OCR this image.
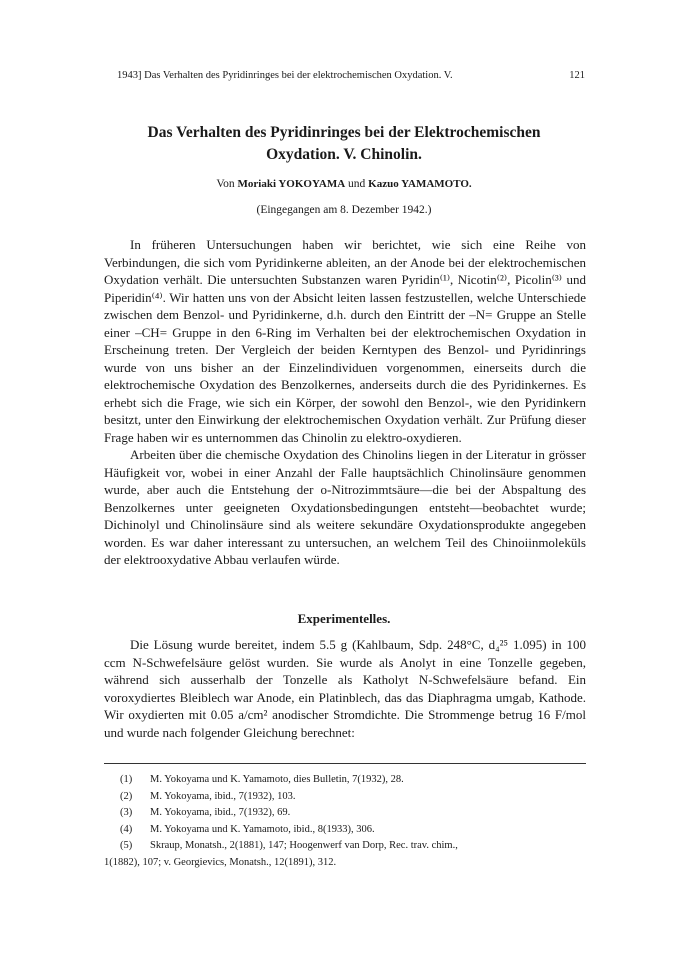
1943] Das Verhalten des Pyridinringes bei der elektrochemischen Oxydation. V.	121
Das Verhalten des Pyridinringes bei der Elektrochemischen
Oxydation. V. Chinolin.
Von Moriaki YOKOYAMA und Kazuo YAMAMOTO.
(Eingegangen am 8. Dezember 1942.)

In früheren Untersuchungen haben wir berichtet, wie sich eine Reihe von Verbindungen, die sich vom Pyridinkerne ableiten, an der Anode bei der elektrochemischen Oxydation verhält. Die untersuchten Substanzen waren Pyridin⁽¹⁾, Nicotin⁽²⁾, Picolin⁽³⁾ und Piperidin⁽⁴⁾. Wir hatten uns von der Absicht leiten lassen festzustellen, welche Unterschiede zwischen dem Benzol- und Pyridinkerne, d.h. durch den Eintritt der –N= Gruppe an Stelle einer –CH= Gruppe in den 6-Ring im Verhalten bei der elektrochemischen Oxydation in Erscheinung treten. Der Vergleich der beiden Kerntypen des Benzol- und Pyridinrings wurde von uns bisher an der Einzelindividuen vorgenommen, einerseits durch die elektrochemische Oxydation des Benzolkernes, anderseits durch die des Pyridinkernes. Es erhebt sich die Frage, wie sich ein Körper, der sowohl den Benzol-, wie den Pyridinkern besitzt, unter den Einwirkung der elektrochemischen Oxydation verhält. Zur Prüfung dieser Frage haben wir es unternommen das Chinolin zu elektro-oxydieren.

Arbeiten über die chemische Oxydation des Chinolins liegen in der Literatur in grösser Häufigkeit vor, wobei in einer Anzahl der Falle hauptsächlich Chinolinsäure genommen wurde, aber auch die Entstehung der o-Nitrozimmtsäure—die bei der Abspaltung des Benzolkernes unter geeigneten Oxydationsbedingungen entsteht—beobachtet wurde; Dichinolyl und Chinolinsäure sind als weitere sekundäre Oxydationsprodukte angegeben worden. Es war daher interessant zu untersuchen, an welchem Teil des Chinoiinmoleküls der elektrooxydative Abbau verlaufen würde.

Experimentelles.

Die Lösung wurde bereitet, indem 5.5 g (Kahlbaum, Sdp. 248°C, d₄²⁵ 1.095) in 100 ccm N-Schwefelsäure gelöst wurden. Sie wurde als Anolyt in eine Tonzelle gegeben, während sich ausserhalb der Tonzelle als Katholyt N-Schwefelsäure befand. Ein voroxydiertes Bleiblech war Anode, ein Platinblech, das das Diaphragma umgab, Kathode. Wir oxydierten mit 0.05 a/cm² anodischer Stromdichte. Die Strommenge betrug 16 F/mol und wurde nach folgender Gleichung berechnet:

(1) M. Yokoyama und K. Yamamoto, dies Bulletin, 7(1932), 28.

(2) M. Yokoyama, ibid., 7(1932), 103.

(3) M. Yokoyama, ibid., 7(1932), 69.

(4) M. Yokoyama und K. Yamamoto, ibid., 8(1933), 306.

(5) Skraup, Monatsh., 2(1881), 147; Hoogenwerf van Dorp, Rec. trav. chim.,

1(1882), 107; v. Georgievics, Monatsh., 12(1891), 312.
